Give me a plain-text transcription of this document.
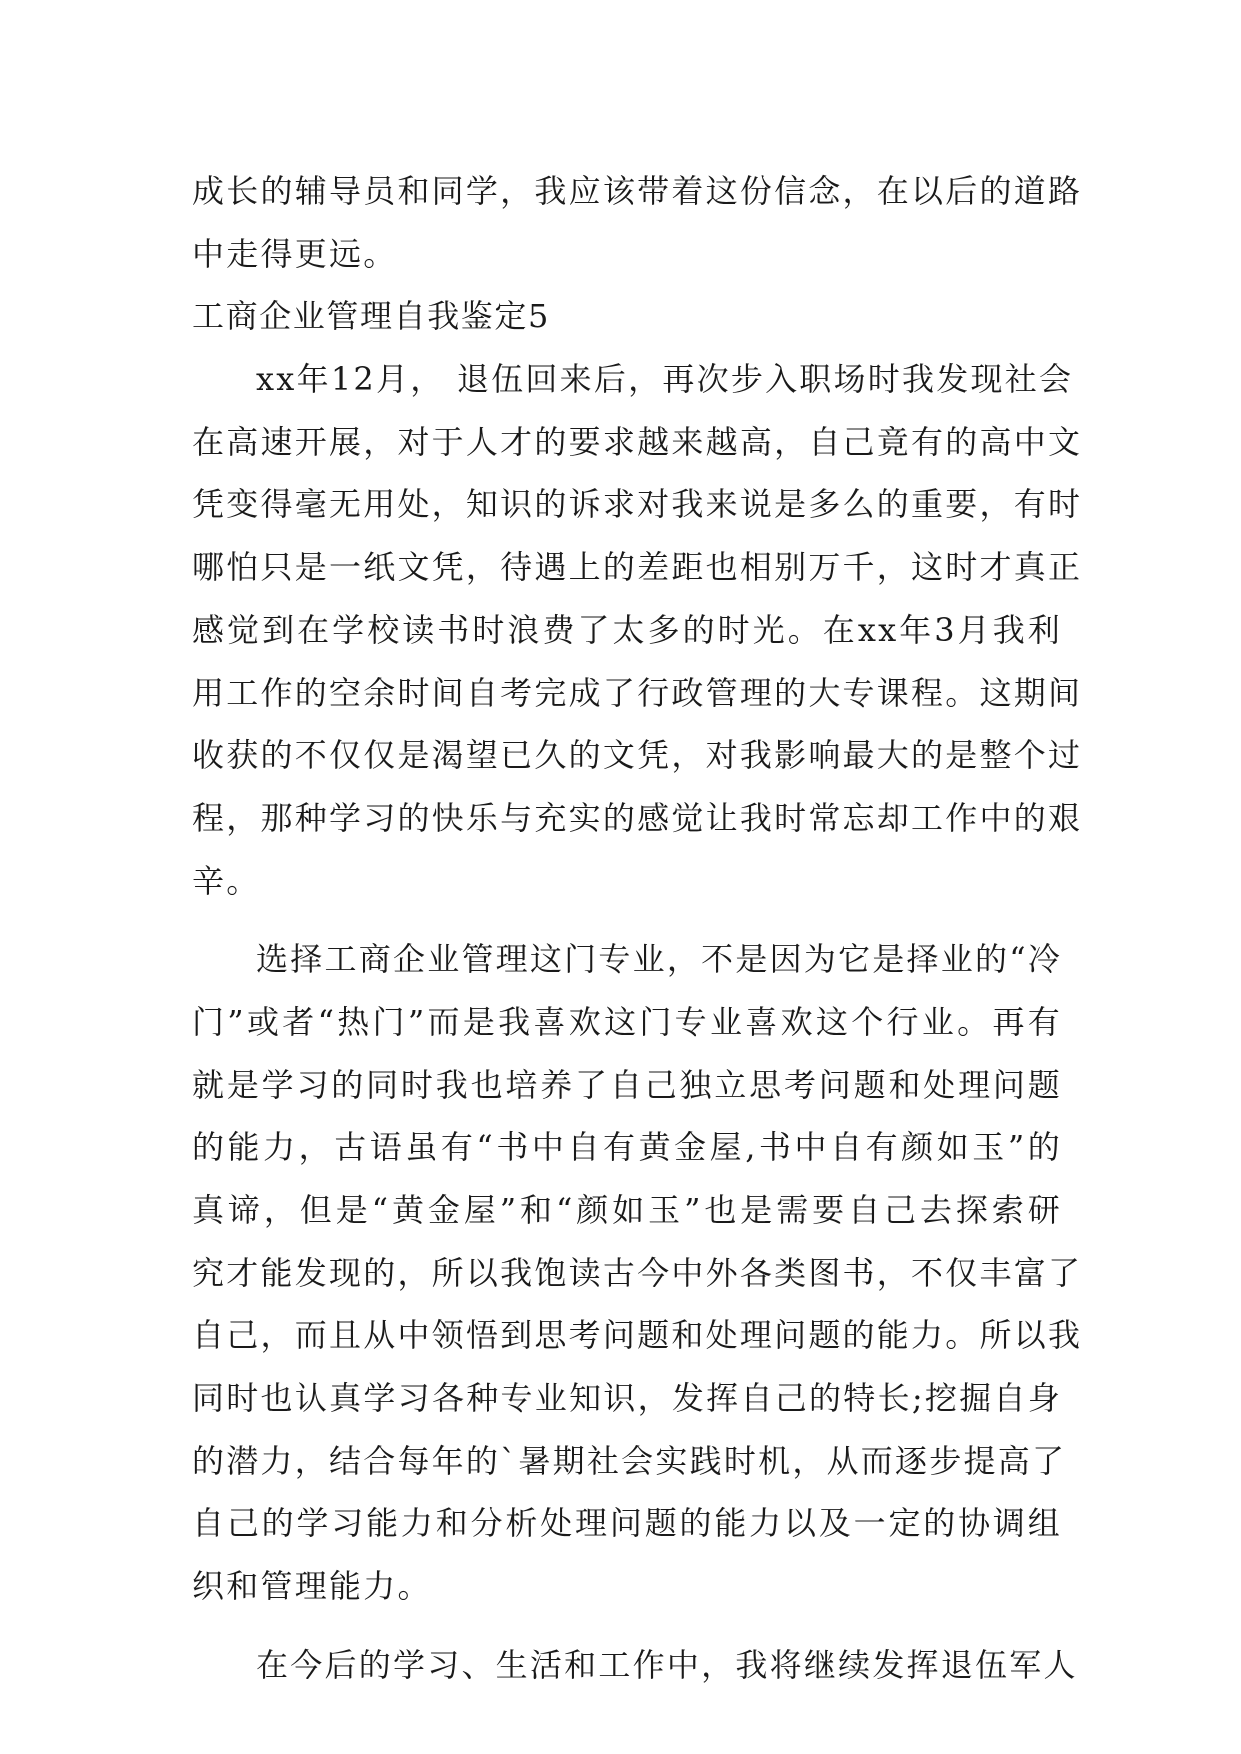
成长的辅导员和同学，我应该带着这份信念，在以后的道路
中走得更远。
工商企业管理自我鉴定5
xx年12月， 退伍回来后，再次步入职场时我发现社会
在高速开展，对于人才的要求越来越高，自己竟有的高中文
凭变得毫无用处，知识的诉求对我来说是多么的重要，有时
哪怕只是一纸文凭，待遇上的差距也相别万千，这时才真正
感觉到在学校读书时浪费了太多的时光。在xx年3月我利
用工作的空余时间自考完成了行政管理的大专课程。这期间
收获的不仅仅是渴望已久的文凭，对我影响最大的是整个过
程，那种学习的快乐与充实的感觉让我时常忘却工作中的艰
辛。
选择工商企业管理这门专业，不是因为它是择业的“冷
门”或者“热门”而是我喜欢这门专业喜欢这个行业。再有
就是学习的同时我也培养了自己独立思考问题和处理问题
的能力，古语虽有“书中自有黄金屋,书中自有颜如玉”的
真谛，但是“黄金屋”和“颜如玉”也是需要自己去探索研
究才能发现的，所以我饱读古今中外各类图书，不仅丰富了
自己，而且从中领悟到思考问题和处理问题的能力。所以我
同时也认真学习各种专业知识，发挥自己的特长;挖掘自身
的潜力，结合每年的`暑期社会实践时机，从而逐步提高了
自己的学习能力和分析处理问题的能力以及一定的协调组
织和管理能力。
在今后的学习、生活和工作中，我将继续发挥退伍军人
